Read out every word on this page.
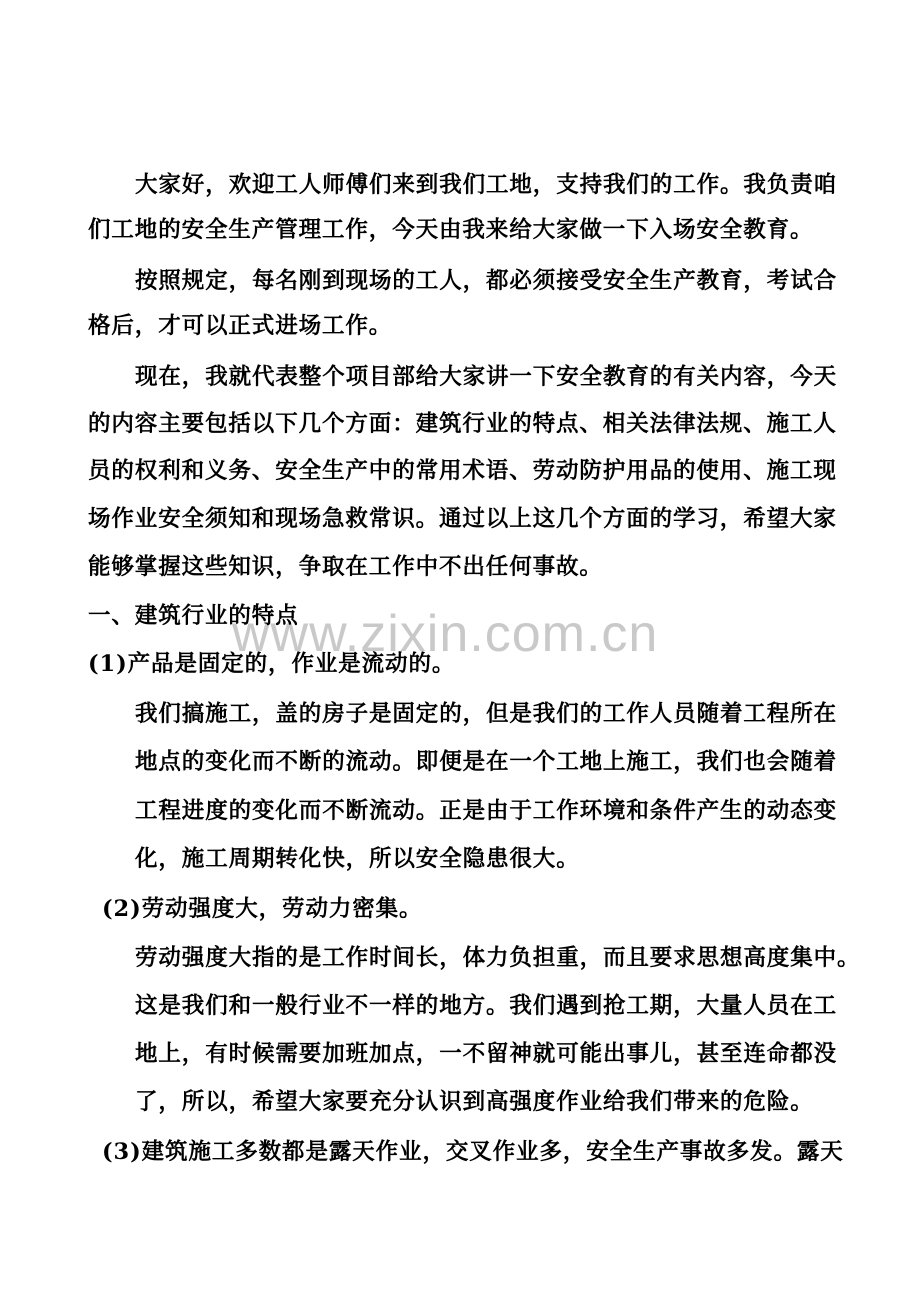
www.zixin.com.cn
大家好，欢迎工人师傅们来到我们工地，支持我们的工作。我负责咱
们工地的安全生产管理工作，今天由我来给大家做一下入场安全教育。
按照规定，每名刚到现场的工人，都必须接受安全生产教育，考试合
格后，才可以正式进场工作。
现在，我就代表整个项目部给大家讲一下安全教育的有关内容，今天
的内容主要包括以下几个方面：建筑行业的特点、相关法律法规、施工人
员的权利和义务、安全生产中的常用术语、劳动防护用品的使用、施工现
场作业安全须知和现场急救常识。通过以上这几个方面的学习，希望大家
能够掌握这些知识，争取在工作中不出任何事故。
一、建筑行业的特点
(1)产品是固定的，作业是流动的。
我们搞施工，盖的房子是固定的，但是我们的工作人员随着工程所在
地点的变化而不断的流动。即便是在一个工地上施工，我们也会随着
工程进度的变化而不断流动。正是由于工作环境和条件产生的动态变
化，施工周期转化快，所以安全隐患很大。
(2)劳动强度大，劳动力密集。
劳动强度大指的是工作时间长，体力负担重，而且要求思想高度集中。
这是我们和一般行业不一样的地方。我们遇到抢工期，大量人员在工
地上，有时候需要加班加点，一不留神就可能出事儿，甚至连命都没
了，所以，希望大家要充分认识到高强度作业给我们带来的危险。
(3)建筑施工多数都是露天作业，交叉作业多，安全生产事故多发。露天
